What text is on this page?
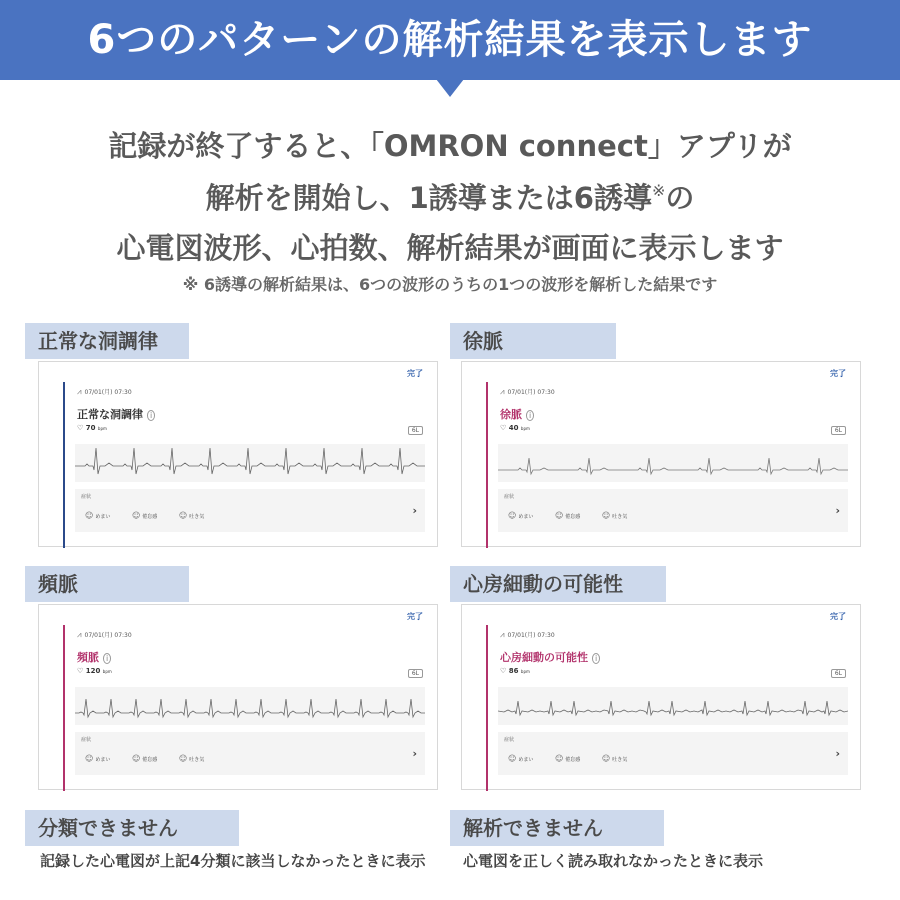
6つのパターンの解析結果を表示します
記録が終了すると、「OMRON connect」アプリが
解析を開始し、1誘導または6誘導※の
心電図波形、心拍数、解析結果が画面に表示します
※ 6誘導の解析結果は、6つの波形のうちの1つの波形を解析した結果です
正常な洞調律
完了
⩘ 07/01(月) 07:30
正常な洞調律 i
♡ 70 bpm	6L
症状
☺ めまい	☺ 倦怠感	☺ 吐き気	›
徐脈
完了
⩘ 07/01(月) 07:30
徐脈 i
♡ 40 bpm	6L
症状
☺ めまい	☺ 倦怠感	☺ 吐き気	›
頻脈
完了
⩘ 07/01(月) 07:30
頻脈 i
♡ 120 bpm	6L
症状
☺ めまい	☺ 倦怠感	☺ 吐き気	›
心房細動の可能性
完了
⩘ 07/01(月) 07:30
心房細動の可能性 i
♡ 86 bpm	6L
症状
☺ めまい	☺ 倦怠感	☺ 吐き気	›
分類できません
記録した心電図が上記4分類に該当しなかったときに表示
解析できません
心電図を正しく読み取れなかったときに表示
